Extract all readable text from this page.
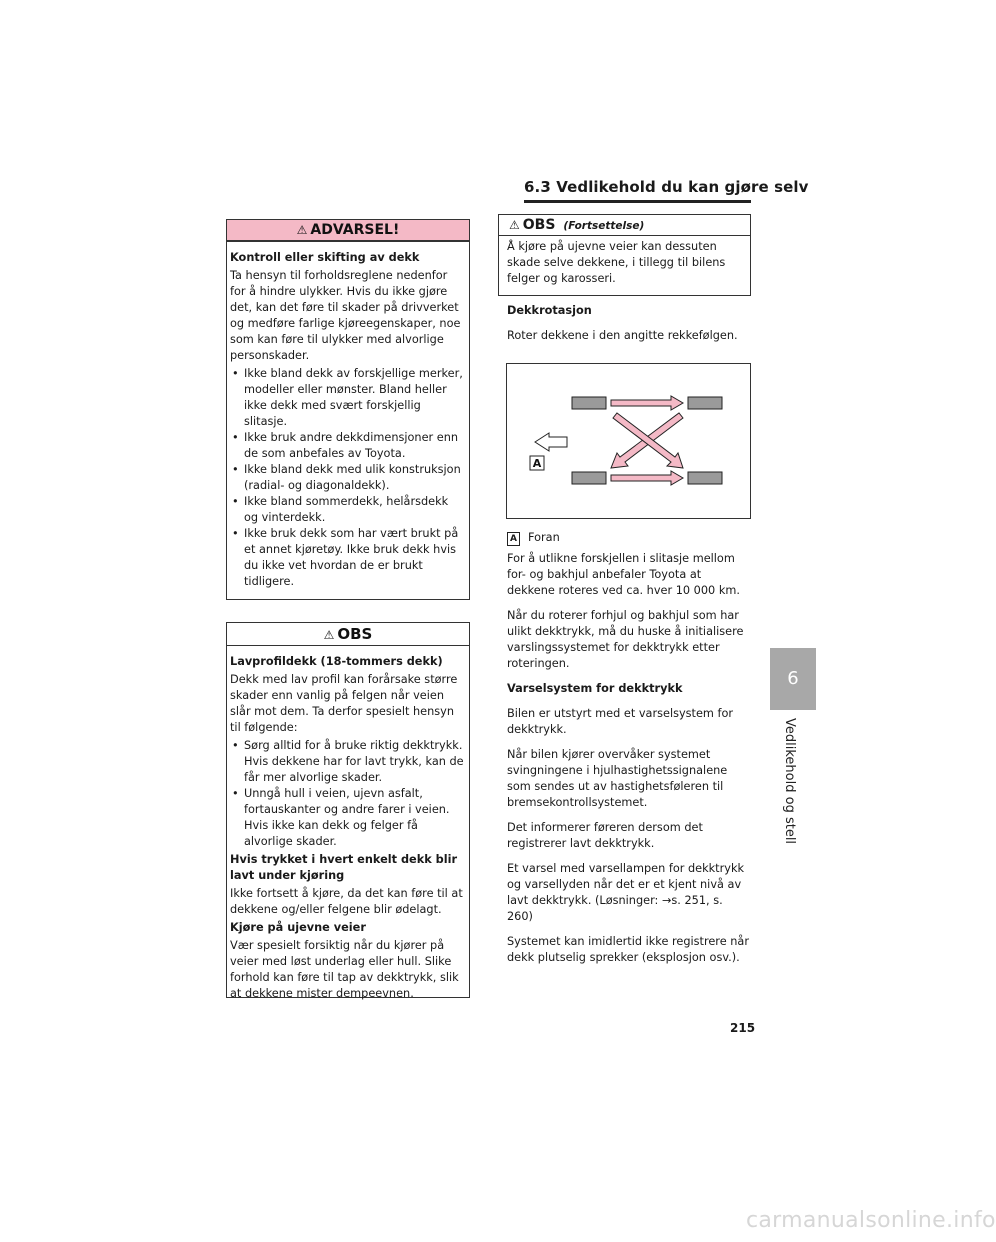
6.3 Vedlikehold du kan gjøre selv
⚠ ADVARSEL!

Kontroll eller skifting av dekk

Ta hensyn til forholdsreglene nedenfor for å hindre ulykker. Hvis du ikke gjøre det, kan det føre til skader på drivverket og medføre farlige kjøreegenskaper, noe som kan føre til ulykker med alvorlige personskader.

• Ikke bland dekk av forskjellige merker, modeller eller mønster. Bland heller ikke dekk med svært forskjellig slitasje.
• Ikke bruk andre dekkdimensjoner enn de som anbefales av Toyota.
• Ikke bland dekk med ulik konstruksjon (radial- og diagonaldekk).
• Ikke bland sommerdekk, helårsdekk og vinterdekk.
• Ikke bruk dekk som har vært brukt på et annet kjøretøy. Ikke bruk dekk hvis du ikke vet hvordan de er brukt tidligere.
⚠ OBS

Lavprofildekk (18-tommers dekk)

Dekk med lav profil kan forårsake større skader enn vanlig på felgen når veien slår mot dem. Ta derfor spesielt hensyn til følgende:

• Sørg alltid for å bruke riktig dekktrykk. Hvis dekkene har for lavt trykk, kan de får mer alvorlige skader.
• Unngå hull i veien, ujevn asfalt, fortauskanter og andre farer i veien. Hvis ikke kan dekk og felger få alvorlige skader.

Hvis trykket i hvert enkelt dekk blir lavt under kjøring

Ikke fortsett å kjøre, da det kan føre til at dekkene og/eller felgene blir ødelagt.

Kjøre på ujevne veier

Vær spesielt forsiktig når du kjører på veier med løst underlag eller hull. Slike forhold kan føre til tap av dekktrykk, slik at dekkene mister dempeevnen.

⚠ OBS (Fortsettelse)

Å kjøre på ujevne veier kan dessuten skade selve dekkene, i tillegg til bilens felger og karosseri.

Dekkrotasjon

Roter dekkene i den angitte rekkefølgen.

A
A Foran

For å utlikne forskjellen i slitasje mellom for- og bakhjul anbefaler Toyota at dekkene roteres ved ca. hver 10 000 km.

Når du roterer forhjul og bakhjul som har ulikt dekktrykk, må du huske å initialisere varslingssystemet for dekktrykk etter roteringen.

Varselsystem for dekktrykk

Bilen er utstyrt med et varselsystem for dekktrykk.

Når bilen kjører overvåker systemet svingningene i hjulhastighetssignalene som sendes ut av hastighetsføleren til bremsekontrollsystemet.

Det informerer føreren dersom det registrerer lavt dekktrykk.

Et varsel med varsellampen for dekktrykk og varsellyden når det er et kjent nivå av lavt dekktrykk. (Løsninger: →s. 251, s. 260)

Systemet kan imidlertid ikke registrere når dekk plutselig sprekker (eksplosjon osv.).

6
Vedlikehold og stell
215
carmanualsonline.info
